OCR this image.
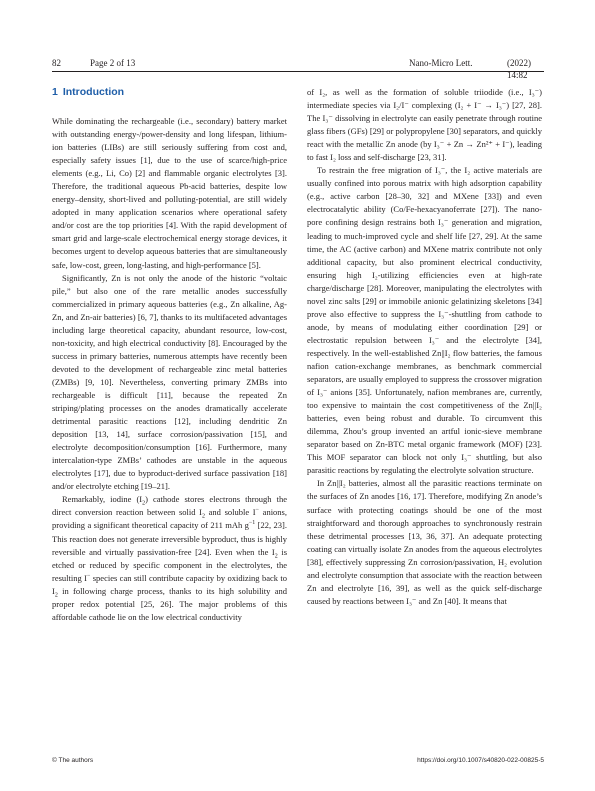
82	Page 2 of 13	Nano-Micro Lett.	(2022) 14:82
1 Introduction

While dominating the rechargeable (i.e., secondary) battery market with outstanding energy-/power-density and long lifespan, lithium-ion batteries (LIBs) are still seriously suffering from cost and, especially safety issues [1], due to the use of scarce/high-price elements (e.g., Li, Co) [2] and flammable organic electrolytes [3]. Therefore, the traditional aqueous Pb-acid batteries, despite low energy–density, short-lived and polluting-potential, are still widely adopted in many application scenarios where operational safety and/or cost are the top priorities [4]. With the rapid development of smart grid and large-scale electrochemical energy storage devices, it becomes urgent to develop aqueous batteries that are simultaneously safe, low-cost, green, long-lasting, and high-performance [5].

Significantly, Zn is not only the anode of the historic “voltaic pile,” but also one of the rare metallic anodes successfully commercialized in primary aqueous batteries (e.g., Zn alkaline, Ag-Zn, and Zn-air batteries) [6, 7], thanks to its multifaceted advantages including large theoretical capacity, abundant resource, low-cost, non-toxicity, and high electrical conductivity [8]. Encouraged by the success in primary batteries, numerous attempts have recently been devoted to the development of rechargeable zinc metal batteries (ZMBs) [9, 10]. Nevertheless, converting primary ZMBs into rechargeable is difficult [11], because the repeated Zn striping/plating processes on the anodes dramatically accelerate detrimental parasitic reactions [12], including dendritic Zn deposition [13, 14], surface corrosion/passivation [15], and electrolyte decomposition/consumption [16]. Furthermore, many intercalation-type ZMBs’ cathodes are unstable in the aqueous electrolytes [17], due to byproduct-derived surface passivation [18] and/or electrolyte etching [19–21].

Remarkably, iodine $(I_2)$ cathode stores electrons through the direct conversion reaction between solid $I_2$ and soluble I− anions, providing a significant theoretical capacity of 211 mAh $g^{-1}$ [22, 23]. This reaction does not generate irreversible byproduct, thus is highly reversible and virtually passivation-free [24]. Even when the $I_2$ is etched or reduced by specific component in the electrolytes, the resulting I− species can still contribute capacity by oxidizing back to $I_2$ in following charge process, thanks to its high solubility and proper redox potential [25, 26]. The major problems of this affordable cathode lie on the low electrical conductivity

of I₂, as well as the formation of soluble triiodide (i.e., I₃⁻) intermediate species via I₂/I⁻ complexing (I₂ + I⁻ → I₃⁻) [27, 28]. The I₃⁻ dissolving in electrolyte can easily penetrate through routine glass fibers (GFs) [29] or polypropylene [30] separators, and quickly react with the metallic Zn anode (by I₃⁻ + Zn → Zn²⁺ + I⁻), leading to fast I₂ loss and self-discharge [23, 31].

To restrain the free migration of I₃⁻, the I₂ active materials are usually confined into porous matrix with high adsorption capability (e.g., active carbon [28–30, 32] and MXene [33]) and even electrocatalytic ability (Co/Fe-hexacyanoferrate [27]). The nano-pore confining design restrains both I₃⁻ generation and migration, leading to much-improved cycle and shelf life [27, 29]. At the same time, the AC (active carbon) and MXene matrix contribute not only additional capacity, but also prominent electrical conductivity, ensuring high I₂-utilizing efficiencies even at high-rate charge/discharge [28]. Moreover, manipulating the electrolytes with novel zinc salts [29] or immobile anionic gelatinizing skeletons [34] prove also effective to suppress the I₃⁻-shuttling from cathode to anode, by means of modulating either coordination [29] or electrostatic repulsion between I₃⁻ and the electrolyte [34], respectively. In the well-established Zn||I₂ flow batteries, the famous nafion cation-exchange membranes, as benchmark commercial separators, are usually employed to suppress the crossover migration of I₃⁻ anions [35]. Unfortunately, nafion membranes are, currently, too expensive to maintain the cost competitiveness of the Zn||I₂ batteries, even being robust and durable. To circumvent this dilemma, Zhou’s group invented an artful ionic-sieve membrane separator based on Zn-BTC metal organic framework (MOF) [23]. This MOF separator can block not only I₃⁻ shuttling, but also parasitic reactions by regulating the electrolyte solvation structure.

In Zn||I₂ batteries, almost all the parasitic reactions terminate on the surfaces of Zn anodes [16, 17]. Therefore, modifying Zn anode’s surface with protecting coatings should be one of the most straightforward and thorough approaches to synchronously restrain these detrimental processes [13, 36, 37]. An adequate protecting coating can virtually isolate Zn anodes from the aqueous electrolytes [38], effectively suppressing Zn corrosion/passivation, H₂ evolution and electrolyte consumption that associate with the reaction between Zn and electrolyte [16, 39], as well as the quick self-discharge caused by reactions between I₃⁻ and Zn [40]. It means that

© The authors	https://doi.org/10.1007/s40820-022-00825-5
